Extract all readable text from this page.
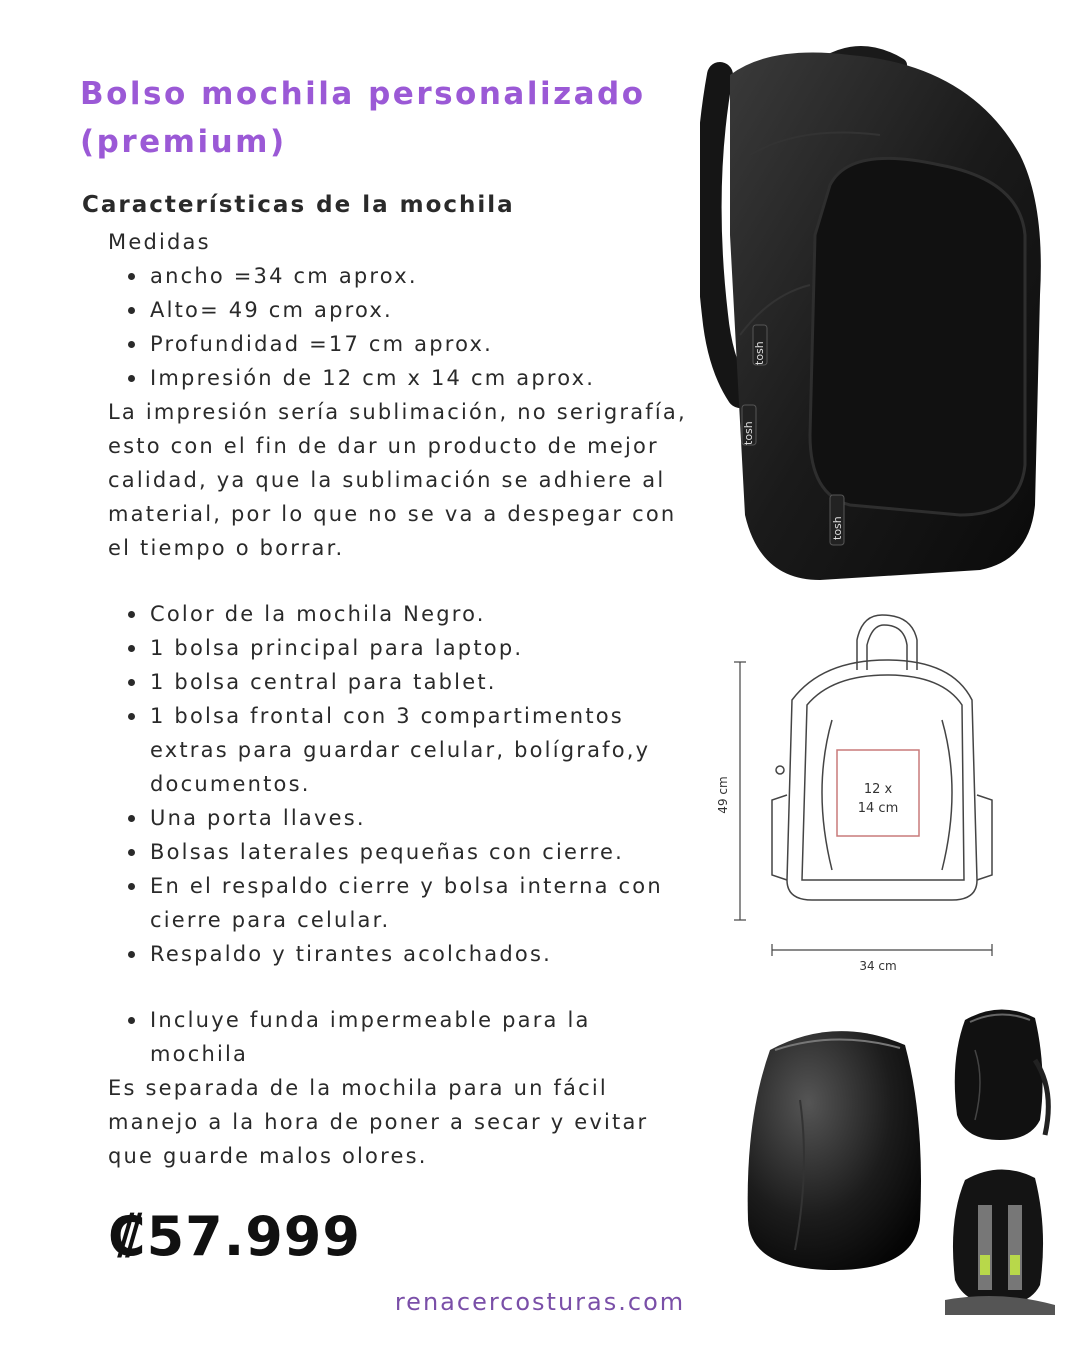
Bolso mochila personalizado
(premium)
Características de la mochila

Medidas

ancho =34 cm aprox.
Alto= 49 cm aprox.
Profundidad =17 cm aprox.
Impresión de 12 cm x 14 cm aprox.

La impresión sería sublimación, no serigrafía, esto con el fin de dar un producto de mejor calidad, ya que la sublimación se adhiere al material, por lo que no se va a despegar con el tiempo o borrar.

Color de la mochila Negro.
1 bolsa principal para laptop.
1 bolsa central para tablet.
1 bolsa frontal con 3 compartimentos extras para guardar celular, bolígrafo,y documentos.
Una porta llaves.
Bolsas laterales pequeñas con cierre.
En el respaldo cierre y bolsa interna con cierre para celular.
Respaldo y tirantes acolchados.
Incluye funda impermeable para la mochila

Es separada de la mochila para un fácil manejo a la hora de poner a secar y evitar que guarde malos olores.

₡57.999
renacercosturas.com
tosh
tosh
tosh
12 x
14 cm
49 cm
34 cm
